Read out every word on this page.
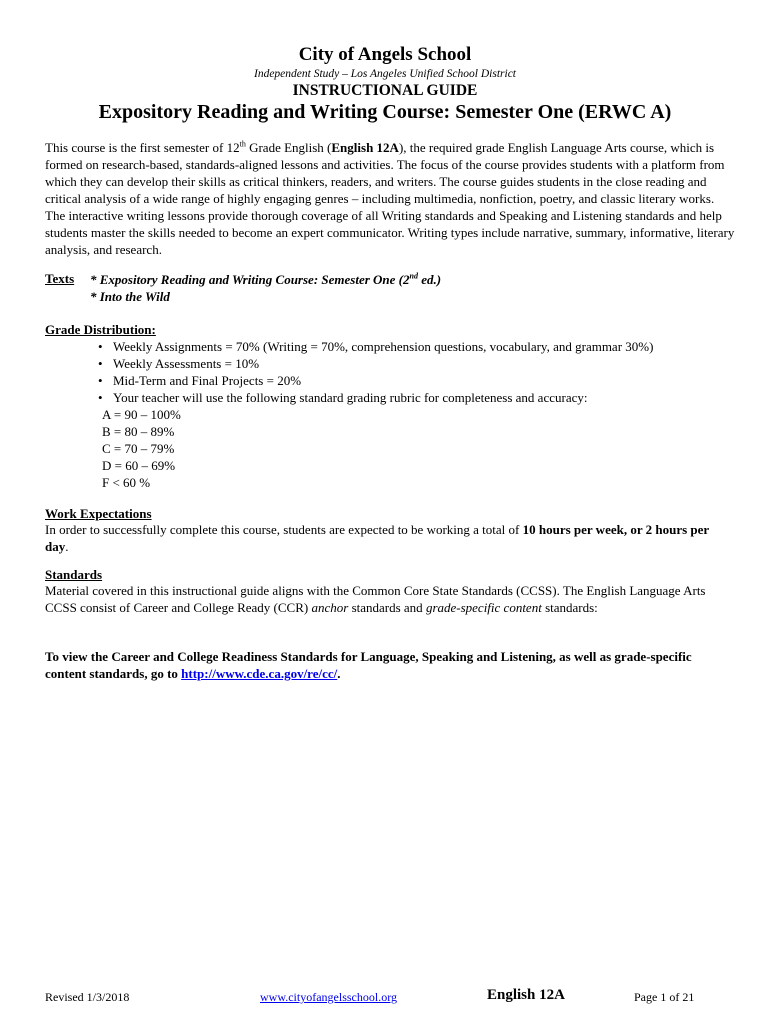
City of Angels School
Independent Study – Los Angeles Unified School District
INSTRUCTIONAL GUIDE
Expository Reading and Writing Course: Semester One (ERWC A)
This course is the first semester of 12th Grade English (English 12A), the required grade English Language Arts course, which is formed on research-based, standards-aligned lessons and activities. The focus of the course provides students with a platform from which they can develop their skills as critical thinkers, readers, and writers. The course guides students in the close reading and critical analysis of a wide range of highly engaging genres – including multimedia, nonfiction, poetry, and classic literary works. The interactive writing lessons provide thorough coverage of all Writing standards and Speaking and Listening standards and help students master the skills needed to become an expert communicator. Writing types include narrative, summary, informative, literary analysis, and research.
Texts * Expository Reading and Writing Course: Semester One (2nd ed.)
* Into the Wild
Grade Distribution:
• Weekly Assignments = 70% (Writing = 70%, comprehension questions, vocabulary, and grammar 30%)
• Weekly Assessments = 10%
• Mid-Term and Final Projects = 20%
• Your teacher will use the following standard grading rubric for completeness and accuracy:
A = 90 – 100%
B = 80 – 89%
C = 70 – 79%
D = 60 – 69%
F < 60 %
Work Expectations
In order to successfully complete this course, students are expected to be working a total of 10 hours per week, or 2 hours per day.
Standards
Material covered in this instructional guide aligns with the Common Core State Standards (CCSS). The English Language Arts CCSS consist of Career and College Ready (CCR) anchor standards and grade-specific content standards:
To view the Career and College Readiness Standards for Language, Speaking and Listening, as well as grade-specific content standards, go to http://www.cde.ca.gov/re/cc/.
Revised 1/3/2018	www.cityofangelsschool.org	English 12A	Page 1 of 21
